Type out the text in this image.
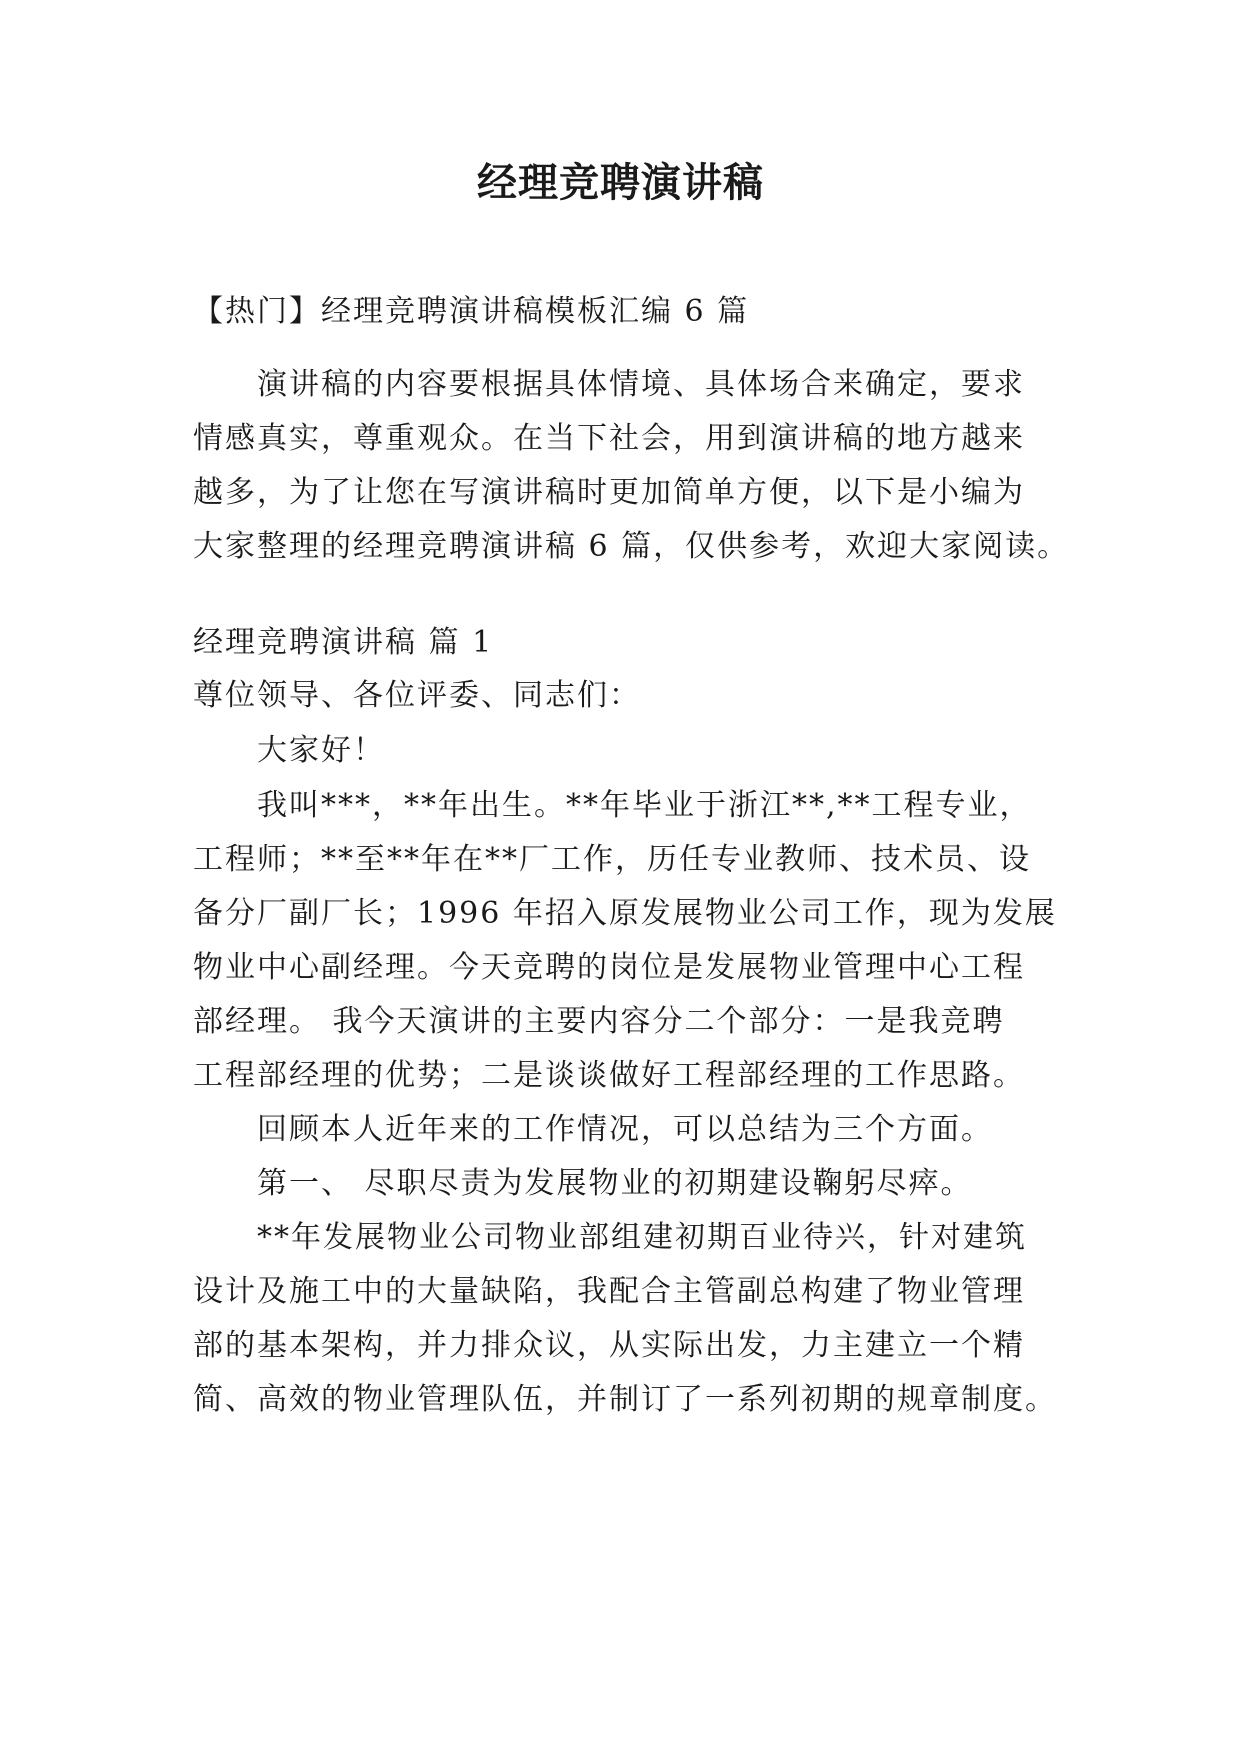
经理竞聘演讲稿
【热门】经理竞聘演讲稿模板汇编 6 篇
演讲稿的内容要根据具体情境、具体场合来确定，要求
情感真实，尊重观众。在当下社会，用到演讲稿的地方越来
越多，为了让您在写演讲稿时更加简单方便，以下是小编为
大家整理的经理竞聘演讲稿 6 篇，仅供参考，欢迎大家阅读。
经理竞聘演讲稿 篇 1
尊位领导、各位评委、同志们：
大家好！
我叫***，**年出生。**年毕业于浙江**,**工程专业，
工程师；**至**年在**厂工作，历任专业教师、技术员、设
备分厂副厂长；1996 年招入原发展物业公司工作，现为发展
物业中心副经理。今天竞聘的岗位是发展物业管理中心工程
部经理。 我今天演讲的主要内容分二个部分：一是我竞聘
工程部经理的优势；二是谈谈做好工程部经理的工作思路。
回顾本人近年来的工作情况，可以总结为三个方面。
第一、 尽职尽责为发展物业的初期建设鞠躬尽瘁。
**年发展物业公司物业部组建初期百业待兴，针对建筑
设计及施工中的大量缺陷，我配合主管副总构建了物业管理
部的基本架构，并力排众议，从实际出发，力主建立一个精
简、高效的物业管理队伍，并制订了一系列初期的规章制度。
